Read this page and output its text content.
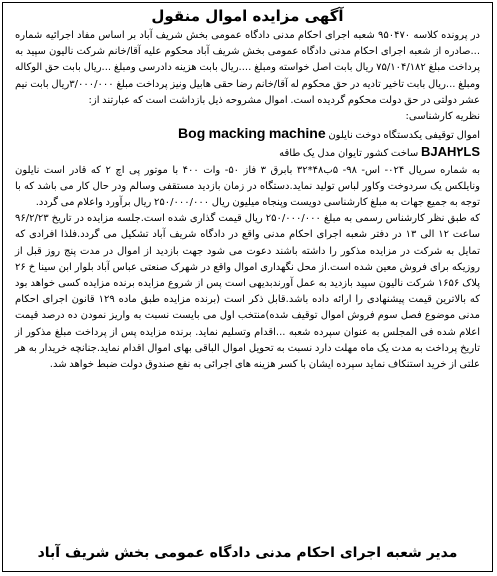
آگهی مزایده اموال منقول

در پرونده کلاسه ۹۵۰۴۷۰ شعبه اجرای احکام مدنی دادگاه عمومی بخش شریف آباد بر اساس مفاد اجرائیه شماره ...صادره از شعبه اجرای احکام مدنی دادگاه عمومی بخش شریف آباد محکوم علیه آقا/خانم شرکت نالیون سپید به پرداخت مبلغ ۷۵/۱۰۴/۱۸۲ ریال بابت اصل خواسته ومبلغ ....ریال بابت هزینه دادرسی ومبلغ ...ریال بابت حق الوکاله ومبلغ ...ریال بابت تاخیر تادیه در حق محکوم له آقا/خانم رضا حقی هابیل ونیز پرداخت مبلغ ۳/۰۰۰/۰۰۰ریال بابت نیم عشر دولتی در حق دولت محکوم گردیده است. اموال مشروحه ذیل بازداشت است که عبارتند از:

نظریه کارشناسی:

اموال توقیفی یکدستگاه دوخت نایلون Bog macking machine

BJAH۲LS ساخت کشور تایوان مدل یک طاقه

به شماره سریال ۰۲۴- اس- ۹۸- ۵ب۴۸*۳۲ بابرق ۳ فاز ۵۰- وات ۴۰۰ با موتور پی اچ ۲ که قادر است نایلون ونایلکس یک سردوخت وکاور لباس تولید نماید.دستگاه در زمان بازدید مستقفی وسالم ودر حال کار می باشد که با توجه به جمیع جهات به مبلغ کارشناسی دویست وپنجاه میلیون ریال ۲۵۰/۰۰۰/۰۰۰ ریال برآورد واعلام می گردد.

که طبق نظر کارشناس رسمی به مبلغ ۲۵۰/۰۰۰/۰۰۰ ریال قیمت گذاری شده است.جلسه مزایده در تاریخ ۹۶/۲/۲۳ ساعت ۱۲ الی ۱۳ در دفتر شعبه اجرای احکام مدنی واقع در دادگاه شریف آباد تشکیل می گردد.فلذا افرادی که تمایل به شرکت در مزایده مذکور را داشته باشند دعوت می شود جهت بازدید از اموال در مدت پنج روز قبل از روزیکه برای فروش معین شده است.از محل نگهداری اموال واقع در شهرک صنعتی عباس آباد بلوار ابن سینا خ ۲۶ پلاک ۱۶۵۶ شرکت نالیون سپید بازدید به عمل آورندبدیهی است پس از شروع مزایده برنده مزایده کسی خواهد بود که بالاترین قیمت پیشنهادی را ارائه داده باشد.قابل ذکر است (برنده مزایده طبق ماده ۱۲۹ قانون اجرای احکام مدنی موضوع فصل سوم فروش اموال توقیف شده)منتخب اول می بایست نسبت به واریز نمودن ده درصد قیمت اعلام شده فی المجلس به عنوان سپرده شعبه ...اقدام وتسلیم نماید. برنده مزایده پس از پرداخت مبلغ مذکور از تاریخ پرداخت به مدت یک ماه مهلت دارد نسبت به تحویل اموال الباقی بهای اموال اقدام نماید.جنانچه خریدار به هر علتی از خرید استنکاف نماید سپرده ایشان با کسر هزینه های اجرائی به نفع صندوق دولت ضبط خواهد شد.

مدیر شعبه اجرای احکام مدنی دادگاه عمومی بخش شریف آباد
